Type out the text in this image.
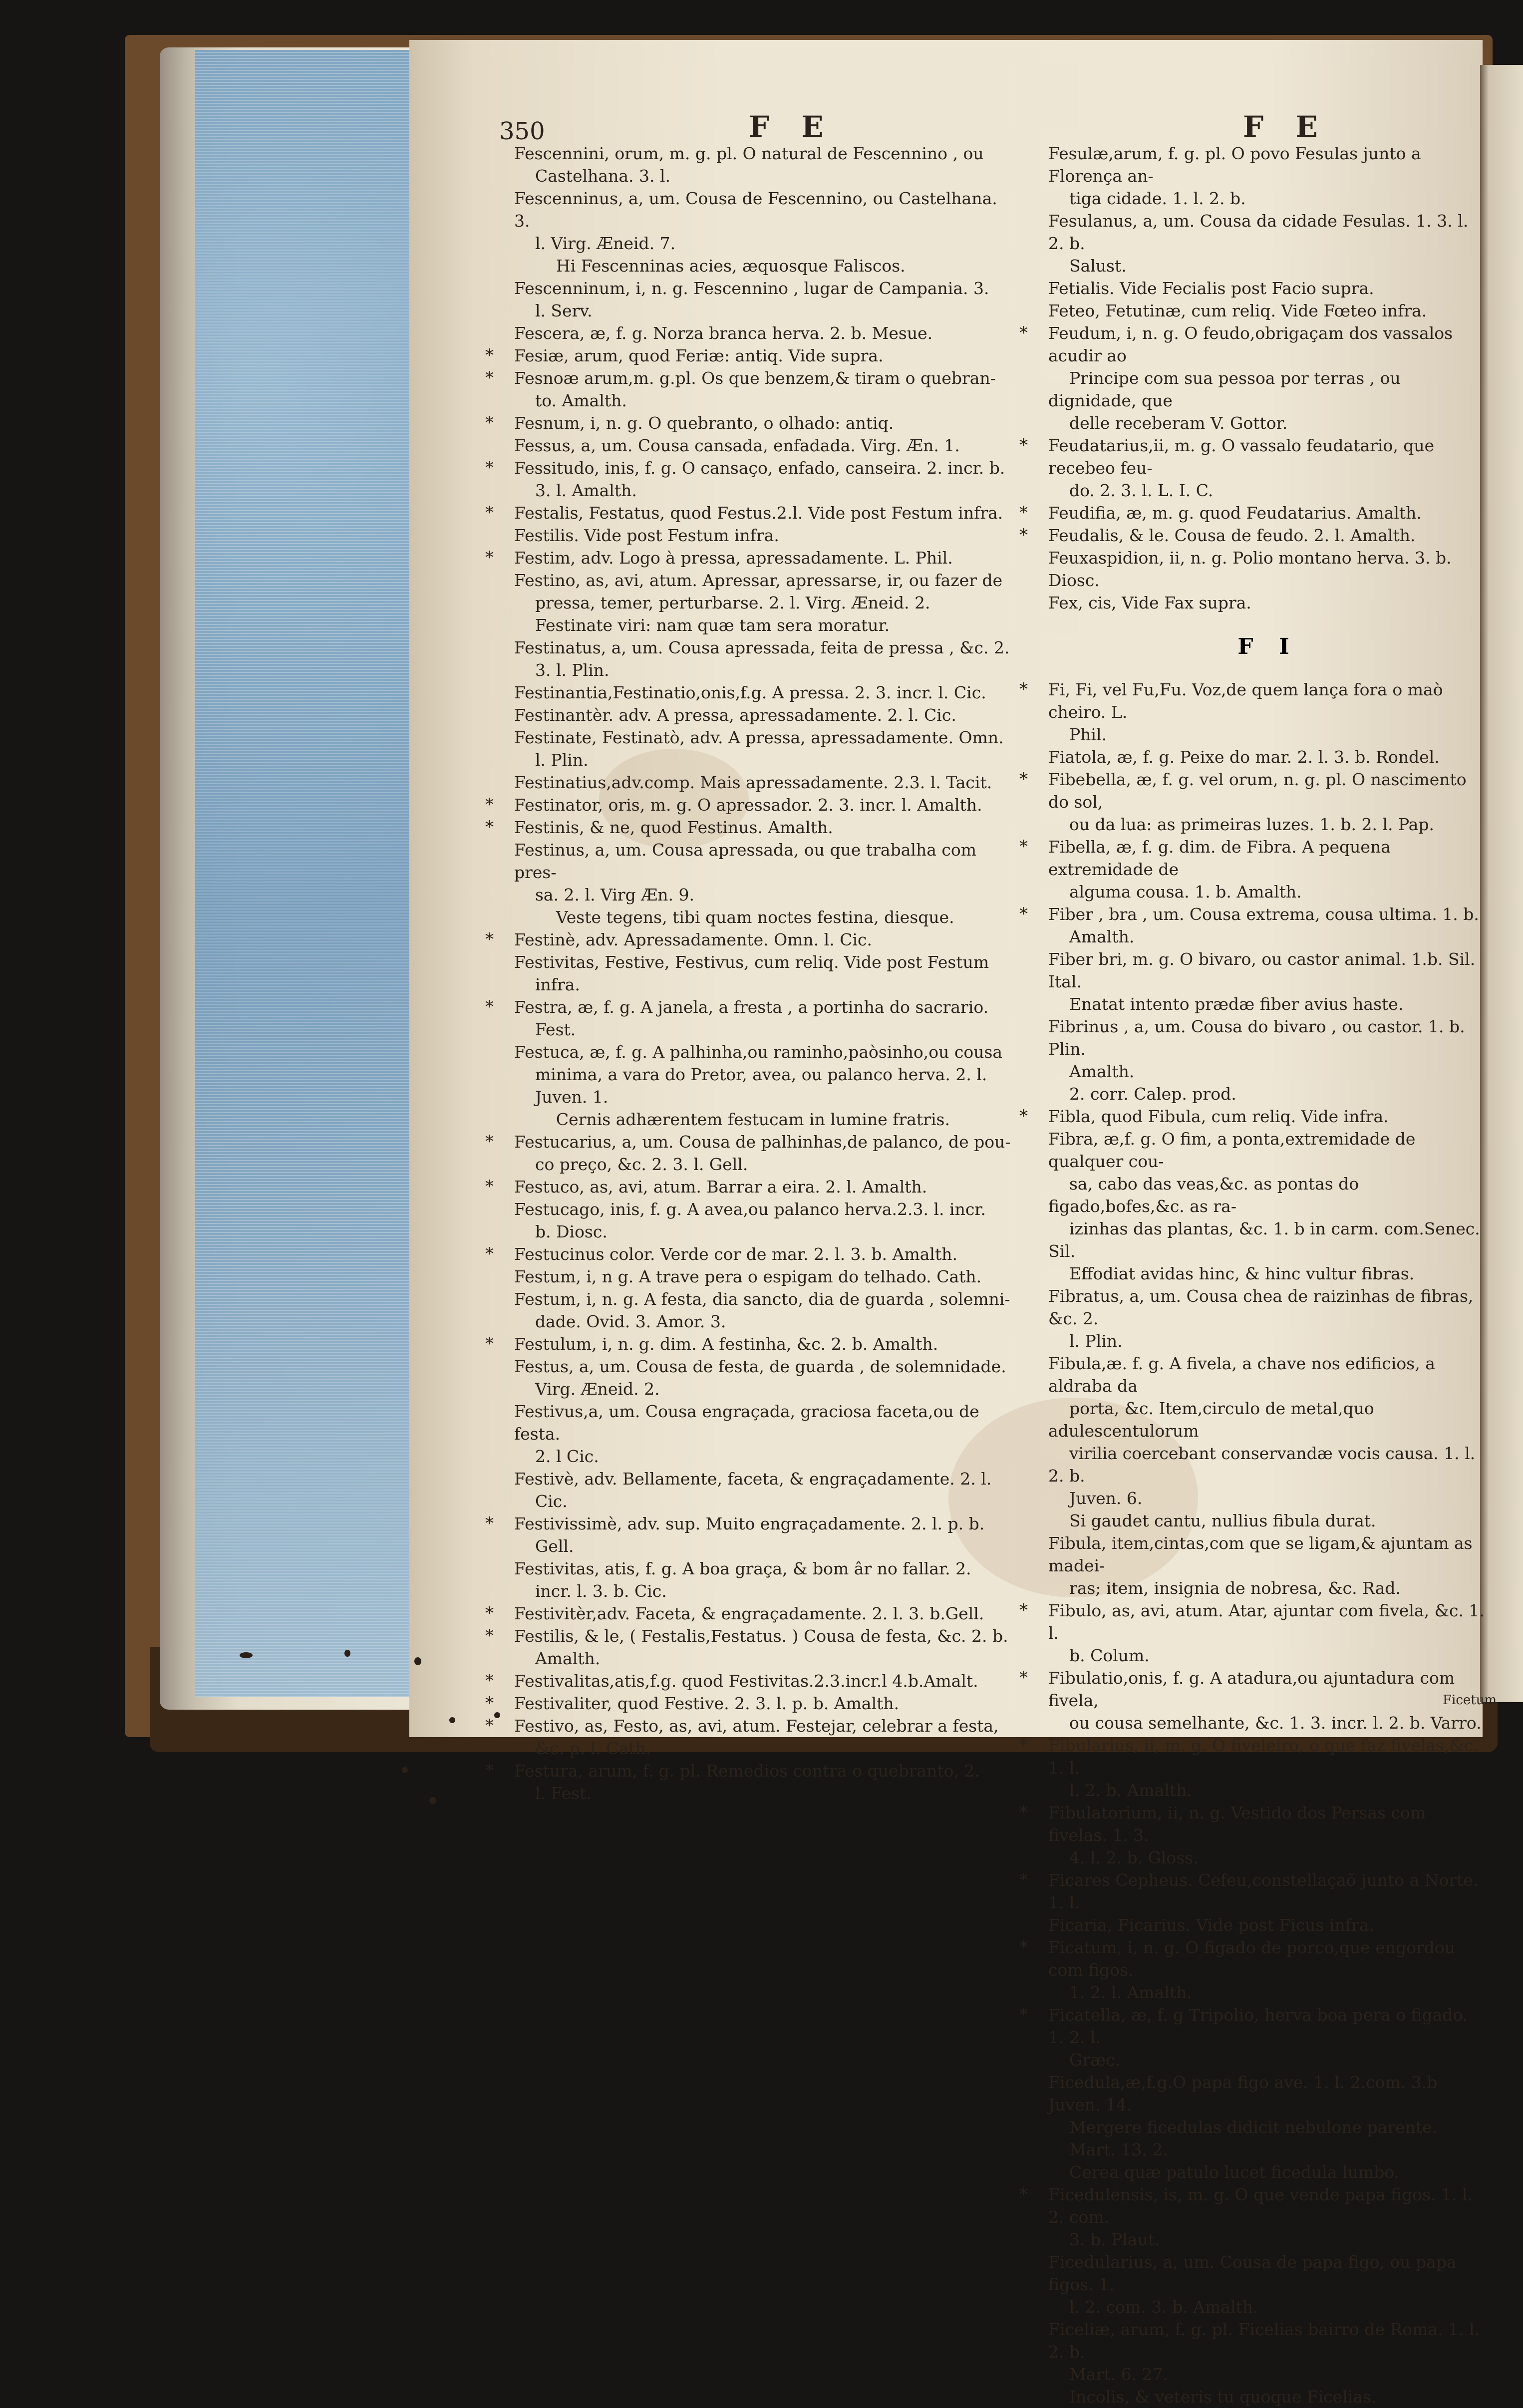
350	F E	F E
Fescennini, orum, m. g. pl. O natural de Fescennino , ou
Castelhana. 3. l.
Fescenninus, a, um. Cousa de Fescennino, ou Castelhana. 3.
l. Virg. Æneid. 7.
Hi Fescenninas acies, æquosque Faliscos.
Fescenninum, i, n. g. Fescennino , lugar de Campania. 3.
l. Serv.
Fescera, æ, f. g. Norza branca herva. 2. b. Mesue.
* Fesiæ, arum, quod Feriæ: antiq. Vide supra.
* Fesnoæ arum,m. g.pl. Os que benzem,& tiram o quebran-
to. Amalth.
* Fesnum, i, n. g. O quebranto, o olhado: antiq.
Fessus, a, um. Cousa cansada, enfadada. Virg. Æn. 1.
* Fessitudo, inis, f. g. O cansaço, enfado, canseira. 2. incr. b.
3. l. Amalth.
* Festalis, Festatus, quod Festus.2.l. Vide post Festum infra.
Festilis. Vide post Festum infra.
* Festim, adv. Logo à pressa, apressadamente. L. Phil.
Festino, as, avi, atum. Apressar, apressarse, ir, ou fazer de
pressa, temer, perturbarse. 2. l. Virg. Æneid. 2.
Festinate viri: nam quæ tam sera moratur.
Festinatus, a, um. Cousa apressada, feita de pressa , &c. 2.
3. l. Plin.
Festinantia,Festinatio,onis,f.g. A pressa. 2. 3. incr. l. Cic.
Festinantèr. adv. A pressa, apressadamente. 2. l. Cic.
Festinate, Festinatò, adv. A pressa, apressadamente. Omn.
l. Plin.
Festinatius,adv.comp. Mais apressadamente. 2.3. l. Tacit.
* Festinator, oris, m. g. O apressador. 2. 3. incr. l. Amalth.
* Festinis, & ne, quod Festinus. Amalth.
Festinus, a, um. Cousa apressada, ou que trabalha com pres-
sa. 2. l. Virg Æn. 9.
Veste tegens, tibi quam noctes festina, diesque.
* Festinè, adv. Apressadamente. Omn. l. Cic.
Festivitas, Festive, Festivus, cum reliq. Vide post Festum
infra.
* Festra, æ, f. g. A janela, a fresta , a portinha do sacrario.
Fest.
Festuca, æ, f. g. A palhinha,ou raminho,paòsinho,ou cousa
minima, a vara do Pretor, avea, ou palanco herva. 2. l.
Juven. 1.
Cernis adhærentem festucam in lumine fratris.
* Festucarius, a, um. Cousa de palhinhas,de palanco, de pou-
co preço, &c. 2. 3. l. Gell.
* Festuco, as, avi, atum. Barrar a eira. 2. l. Amalth.
Festucago, inis, f. g. A avea,ou palanco herva.2.3. l. incr.
b. Diosc.
* Festucinus color. Verde cor de mar. 2. l. 3. b. Amalth.
Festum, i, n g. A trave pera o espigam do telhado. Cath.
Festum, i, n. g. A festa, dia sancto, dia de guarda , solemni-
dade. Ovid. 3. Amor. 3.
* Festulum, i, n. g. dim. A festinha, &c. 2. b. Amalth.
Festus, a, um. Cousa de festa, de guarda , de solemnidade.
Virg. Æneid. 2.
Festivus,a, um. Cousa engraçada, graciosa faceta,ou de festa.
2. l Cic.
Festivè, adv. Bellamente, faceta, & engraçadamente. 2. l.
Cic.
* Festivissimè, adv. sup. Muito engraçadamente. 2. l. p. b.
Gell.
Festivitas, atis, f. g. A boa graça, & bom âr no fallar. 2.
incr. l. 3. b. Cic.
* Festivitèr,adv. Faceta, & engraçadamente. 2. l. 3. b.Gell.
* Festilis, & le, ( Festalis,Festatus. ) Cousa de festa, &c. 2. b.
Amalth.
* Festivalitas,atis,f.g. quod Festivitas.2.3.incr.l 4.b.Amalt.
* Festivaliter, quod Festive. 2. 3. l. p. b. Amalth.
* Festivo, as, Festo, as, avi, atum. Festejar, celebrar a festa,
&c. p. l. Cath.
* Festura, arum, f. g. pl. Remedios contra o quebranto, 2.
l. Fest.
Fesulæ,arum, f. g. pl. O povo Fesulas junto a Florença an-
tiga cidade. 1. l. 2. b.
Fesulanus, a, um. Cousa da cidade Fesulas. 1. 3. l. 2. b.
Salust.
Fetialis. Vide Fecialis post Facio supra.
Feteo, Fetutinæ, cum reliq. Vide Fœteo infra.
* Feudum, i, n. g. O feudo,obrigaçam dos vassalos acudir ao
Principe com sua pessoa por terras , ou dignidade, que
delle receberam V. Gottor.
* Feudatarius,ii, m. g. O vassalo feudatario, que recebeo feu-
do. 2. 3. l. L. I. C.
* Feudifia, æ, m. g. quod Feudatarius. Amalth.
* Feudalis, & le. Cousa de feudo. 2. l. Amalth.
Feuxaspidion, ii, n. g. Polio montano herva. 3. b. Diosc.
Fex, cis, Vide Fax supra.
F I
* Fi, Fi, vel Fu,Fu. Voz,de quem lança fora o maò cheiro. L.
Phil.
Fiatola, æ, f. g. Peixe do mar. 2. l. 3. b. Rondel.
* Fibebella, æ, f. g. vel orum, n. g. pl. O nascimento do sol,
ou da lua: as primeiras luzes. 1. b. 2. l. Pap.
* Fibella, æ, f. g. dim. de Fibra. A pequena extremidade de
alguma cousa. 1. b. Amalth.
* Fiber , bra , um. Cousa extrema, cousa ultima. 1. b.
Amalth.
Fiber bri, m. g. O bivaro, ou castor animal. 1.b. Sil. Ital.
Enatat intento prædæ fiber avius haste.
Fibrinus , a, um. Cousa do bivaro , ou castor. 1. b. Plin.
Amalth.
2. corr. Calep. prod.
* Fibla, quod Fibula, cum reliq. Vide infra.
Fibra, æ,f. g. O fim, a ponta,extremidade de qualquer cou-
sa, cabo das veas,&c. as pontas do figado,bofes,&c. as ra-
izinhas das plantas, &c. 1. b in carm. com.Senec. Sil.
Effodiat avidas hinc, & hinc vultur fibras.
Fibratus, a, um. Cousa chea de raizinhas de fibras, &c. 2.
l. Plin.
Fibula,æ. f. g. A fivela, a chave nos edificios, a aldraba da
porta, &c. Item,circulo de metal,quo adulescentulorum
virilia coercebant conservandæ vocis causa. 1. l. 2. b.
Juven. 6.
Si gaudet cantu, nullius fibula durat.
Fibula, item,cintas,com que se ligam,& ajuntam as madei-
ras; item, insignia de nobresa, &c. Rad.
* Fibulo, as, avi, atum. Atar, ajuntar com fivela, &c. 1. l.
b. Colum.
* Fibulatio,onis, f. g. A atadura,ou ajuntadura com fivela,
ou cousa semelhante, &c. 1. 3. incr. l. 2. b. Varro.
* Fibularius, ii, m. g. O fiveleiro, o que faz fivelas,&c. 1. l.
l. 2. b. Amalth.
* Fibulatorium, ii, n. g. Vestido dos Persas com fivelas. 1. 3.
4. l. 2. b. Gloss.
* Ficares Cepheus. Cefeu,constellaçaõ junto a Norte. 1. l.
Ficaria, Ficarius. Vide post Ficus infra.
* Ficatum, i, n. g. O figado de porco,que engordou com figos.
1. 2. l. Amalth.
* Ficatella, æ, f. g Tripolio, herva boa pera o figado. 1. 2. l.
Græc.
Ficedula,æ,f.g.O papa figo ave. 1. l. 2.com. 3.b Juven. 14.
Mergere ficedulas didicit nebulone parente.
Mart. 13. 2.
Cerea quæ patulo lucet ficedula lumbo.
* Ficedulensis, is, m. g. O que vende papa figos. 1. l. 2. com.
3. b. Plaut.
Ficedularius, a, um. Cousa de papa figo, ou papa figos. 1.
l. 2. com. 3. b. Amalth.
Ficeliæ, arum, f. g. pl. Ficelias bairro de Roma. 1. l. 2. b.
Mart. 6. 27.
Incolis, & veteris tu quoque Ficelias.
Ficetum
